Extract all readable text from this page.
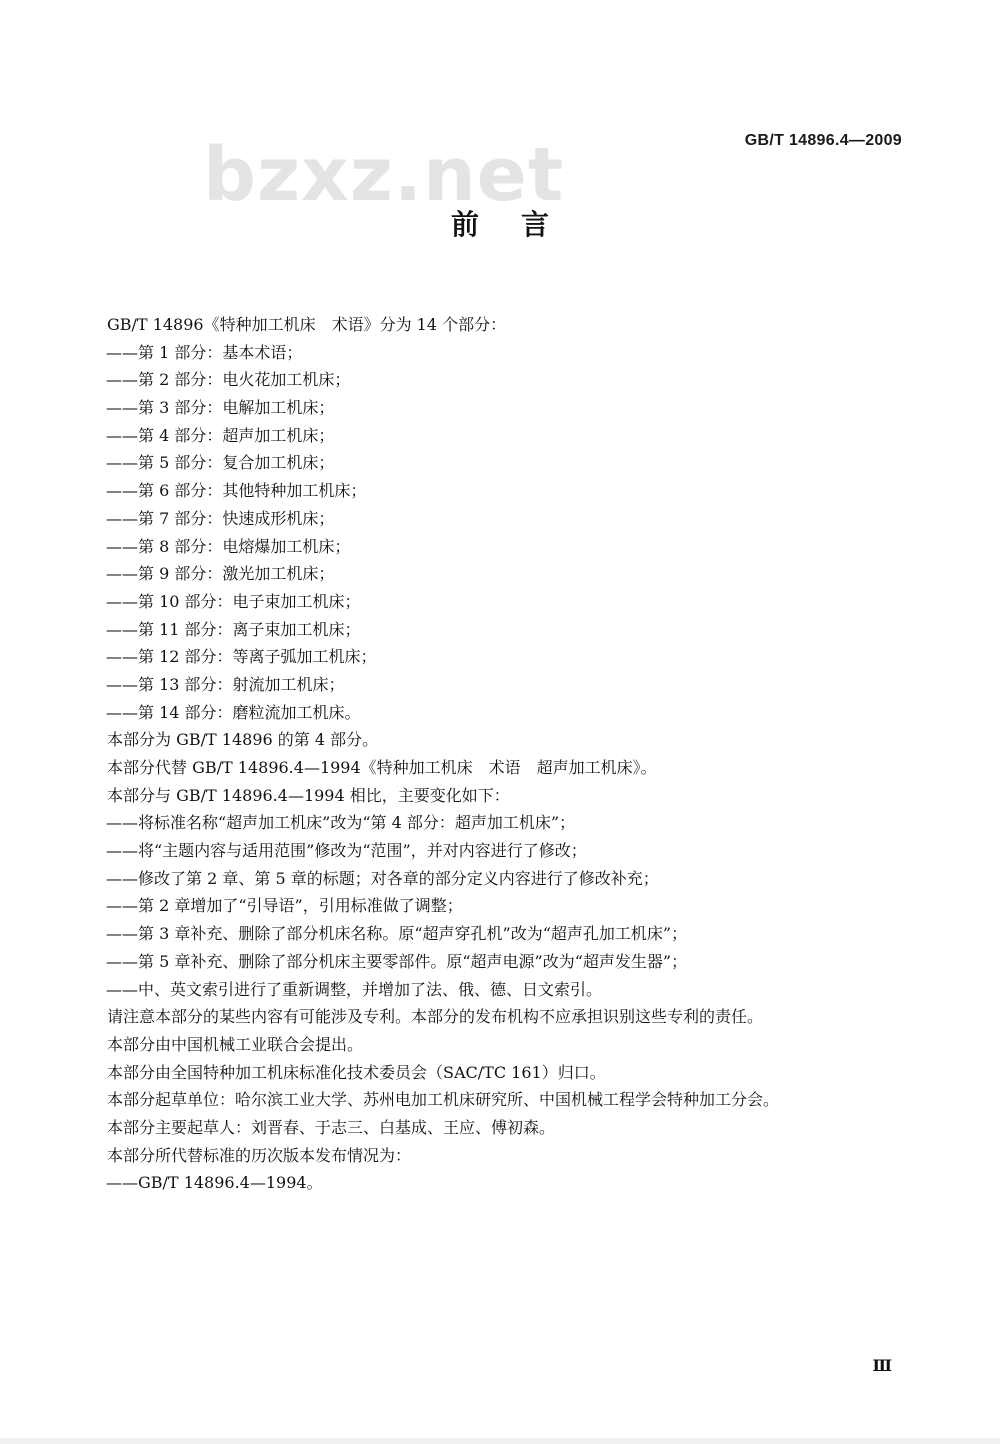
bzxz.net	GB/T 14896.4—2009
前言
GB/T 14896《特种加工机床　术语》分为 14 个部分：
——第 1 部分：基本术语；
——第 2 部分：电火花加工机床；
——第 3 部分：电解加工机床；
——第 4 部分：超声加工机床；
——第 5 部分：复合加工机床；
——第 6 部分：其他特种加工机床；
——第 7 部分：快速成形机床；
——第 8 部分：电熔爆加工机床；
——第 9 部分：激光加工机床；
——第 10 部分：电子束加工机床；
——第 11 部分：离子束加工机床；
——第 12 部分：等离子弧加工机床；
——第 13 部分：射流加工机床；
——第 14 部分：磨粒流加工机床。
本部分为 GB/T 14896 的第 4 部分。
本部分代替 GB/T 14896.4—1994《特种加工机床　术语　超声加工机床》。
本部分与 GB/T 14896.4—1994 相比，主要变化如下：
——将标准名称“超声加工机床”改为“第 4 部分：超声加工机床”；
——将“主题内容与适用范围”修改为“范围”，并对内容进行了修改；
——修改了第 2 章、第 5 章的标题；对各章的部分定义内容进行了修改补充；
——第 2 章增加了“引导语”，引用标准做了调整；
——第 3 章补充、删除了部分机床名称。原“超声穿孔机”改为“超声孔加工机床”；
——第 5 章补充、删除了部分机床主要零部件。原“超声电源”改为“超声发生器”；
——中、英文索引进行了重新调整，并增加了法、俄、德、日文索引。
请注意本部分的某些内容有可能涉及专利。本部分的发布机构不应承担识别这些专利的责任。
本部分由中国机械工业联合会提出。
本部分由全国特种加工机床标准化技术委员会（SAC/TC 161）归口。
本部分起草单位：哈尔滨工业大学、苏州电加工机床研究所、中国机械工程学会特种加工分会。
本部分主要起草人：刘晋春、于志三、白基成、王应、傅初森。
本部分所代替标准的历次版本发布情况为：
——GB/T 14896.4—1994。
Ⅲ
